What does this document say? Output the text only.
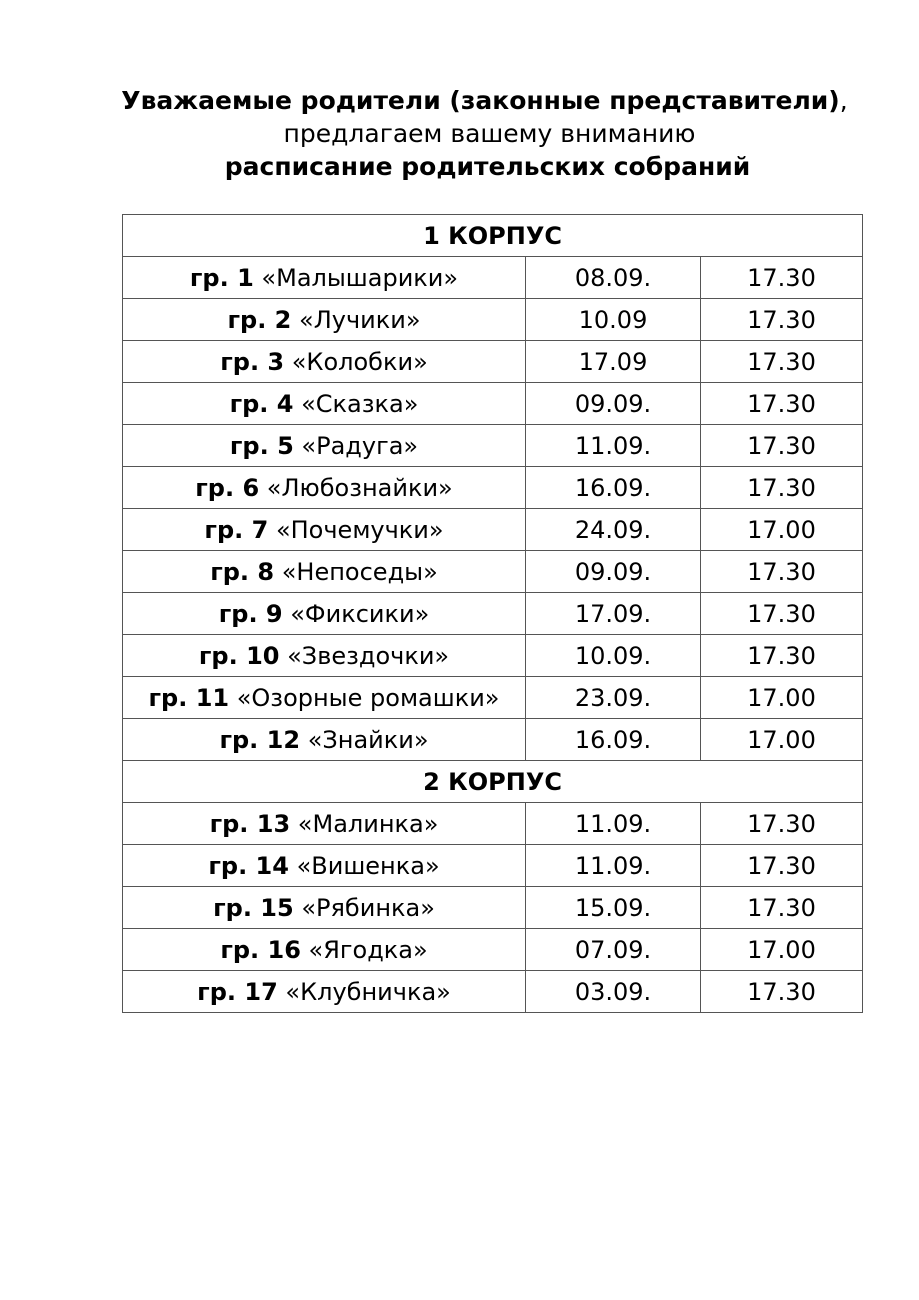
Уважаемые родители (законные представители),
предлагаем вашему вниманию
расписание родительских собраний
1 КОРПУС		
гр. 1 «Малышарики»	08.09.	17.30
гр. 2 «Лучики»	10.09	17.30
гр. 3 «Колобки»	17.09	17.30
гр. 4 «Сказка»	09.09.	17.30
гр. 5 «Радуга»	11.09.	17.30
гр. 6 «Любознайки»	16.09.	17.30
гр. 7 «Почемучки»	24.09.	17.00
гр. 8 «Непоседы»	09.09.	17.30
гр. 9 «Фиксики»	17.09.	17.30
гр. 10 «Звездочки»	10.09.	17.30
гр. 11 «Озорные ромашки»	23.09.	17.00
гр. 12 «Знайки»	16.09.	17.00
2 КОРПУС		
гр. 13 «Малинка»	11.09.	17.30
гр. 14 «Вишенка»	11.09.	17.30
гр. 15 «Рябинка»	15.09.	17.30
гр. 16 «Ягодка»	07.09.	17.00
гр. 17 «Клубничка»	03.09.	17.30
